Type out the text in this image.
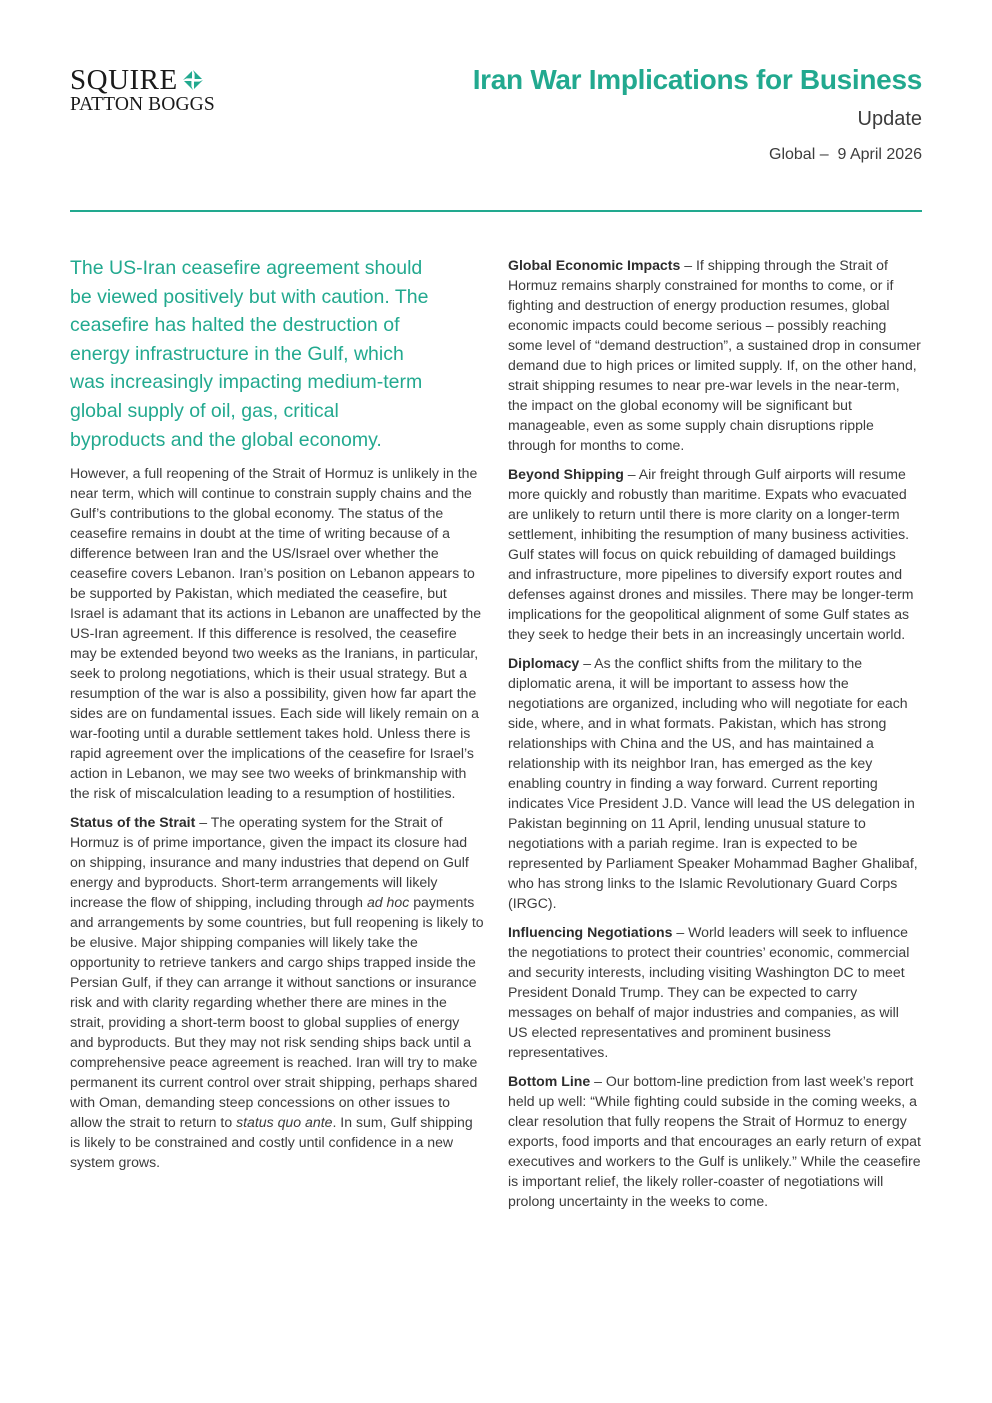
SQUIRE
PATTON BOGGS
Iran War Implications for Business
Update
Global –  9 April 2026

The US-Iran ceasefire agreement should be viewed positively but with caution. The ceasefire has halted the destruction of energy infrastructure in the Gulf, which was increasingly impacting medium-term global supply of oil, gas, critical byproducts and the global economy.

However, a full reopening of the Strait of Hormuz is unlikely in the near term, which will continue to constrain supply chains and the Gulf’s contributions to the global economy. The status of the ceasefire remains in doubt at the time of writing because of a difference between Iran and the US/Israel over whether the ceasefire covers Lebanon. Iran’s position on Lebanon appears to be supported by Pakistan, which mediated the ceasefire, but Israel is adamant that its actions in Lebanon are unaffected by the US-Iran agreement. If this difference is resolved, the ceasefire may be extended beyond two weeks as the Iranians, in particular, seek to prolong negotiations, which is their usual strategy. But a resumption of the war is also a possibility, given how far apart the sides are on fundamental issues. Each side will likely remain on a war-footing until a durable settlement takes hold. Unless there is rapid agreement over the implications of the ceasefire for Israel’s action in Lebanon, we may see two weeks of brinkmanship with the risk of miscalculation leading to a resumption of hostilities.

Status of the Strait – The operating system for the Strait of Hormuz is of prime importance, given the impact its closure had on shipping, insurance and many industries that depend on Gulf energy and byproducts. Short-term arrangements will likely increase the flow of shipping, including through ad hoc payments and arrangements by some countries, but full reopening is likely to be elusive. Major shipping companies will likely take the opportunity to retrieve tankers and cargo ships trapped inside the Persian Gulf, if they can arrange it without sanctions or insurance risk and with clarity regarding whether there are mines in the strait, providing a short-term boost to global supplies of energy and byproducts. But they may not risk sending ships back until a comprehensive peace agreement is reached. Iran will try to make permanent its current control over strait shipping, perhaps shared with Oman, demanding steep concessions on other issues to allow the strait to return to status quo ante. In sum, Gulf shipping is likely to be constrained and costly until confidence in a new system grows.

Global Economic Impacts – If shipping through the Strait of Hormuz remains sharply constrained for months to come, or if fighting and destruction of energy production resumes, global economic impacts could become serious – possibly reaching some level of “demand destruction”, a sustained drop in consumer demand due to high prices or limited supply. If, on the other hand, strait shipping resumes to near pre-war levels in the near-term, the impact on the global economy will be significant but manageable, even as some supply chain disruptions ripple through for months to come.

Beyond Shipping – Air freight through Gulf airports will resume more quickly and robustly than maritime. Expats who evacuated are unlikely to return until there is more clarity on a longer-term settlement, inhibiting the resumption of many business activities. Gulf states will focus on quick rebuilding of damaged buildings and infrastructure, more pipelines to diversify export routes and defenses against drones and missiles. There may be longer-term implications for the geopolitical alignment of some Gulf states as they seek to hedge their bets in an increasingly uncertain world.

Diplomacy – As the conflict shifts from the military to the diplomatic arena, it will be important to assess how the negotiations are organized, including who will negotiate for each side, where, and in what formats. Pakistan, which has strong relationships with China and the US, and has maintained a relationship with its neighbor Iran, has emerged as the key enabling country in finding a way forward. Current reporting indicates Vice President J.D. Vance will lead the US delegation in Pakistan beginning on 11 April, lending unusual stature to negotiations with a pariah regime. Iran is expected to be represented by Parliament Speaker Mohammad Bagher Ghalibaf, who has strong links to the Islamic Revolutionary Guard Corps (IRGC).

Influencing Negotiations – World leaders will seek to influence the negotiations to protect their countries’ economic, commercial and security interests, including visiting Washington DC to meet President Donald Trump. They can be expected to carry messages on behalf of major industries and companies, as will US elected representatives and prominent business representatives.

Bottom Line – Our bottom-line prediction from last week’s report held up well: “While fighting could subside in the coming weeks, a clear resolution that fully reopens the Strait of Hormuz to energy exports, food imports and that encourages an early return of expat executives and workers to the Gulf is unlikely.” While the ceasefire is important relief, the likely roller-coaster of negotiations will prolong uncertainty in the weeks to come.
